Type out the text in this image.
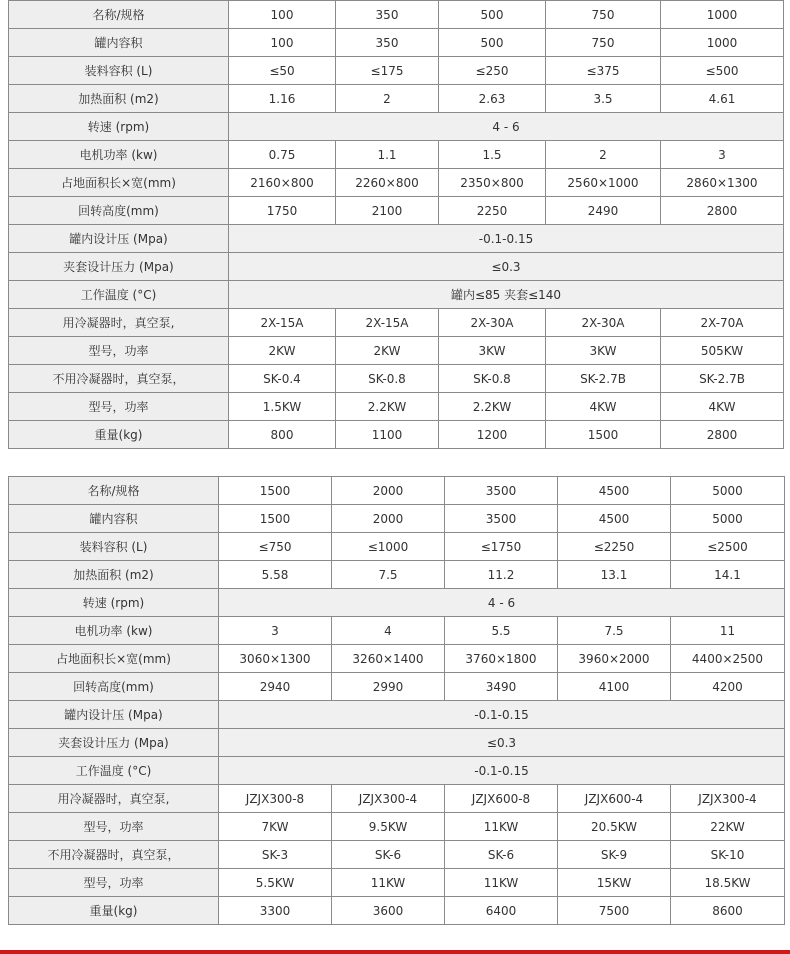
名称/规格	100	350	500	750	1000
罐内容积	100	350	500	750	1000
装料容积 (L)	≤50	≤175	≤250	≤375	≤500
加热面积 (m2)	1.16	2	2.63	3.5	4.61
转速 (rpm)	4 - 6				
电机功率 (kw)	0.75	1.1	1.5	2	3
占地面积长×宽(mm)	2160×800	2260×800	2350×800	2560×1000	2860×1300
回转高度(mm)	1750	2100	2250	2490	2800
罐内设计压 (Mpa)	-0.1-0.15				
夹套设计压力 (Mpa)	≤0.3				
工作温度 (°C)	罐内≤85 夹套≤140				
用冷凝器时，真空泵,	2X-15A	2X-15A	2X-30A	2X-30A	2X-70A
型号，功率	2KW	2KW	3KW	3KW	505KW
不用冷凝器时，真空泵，	SK-0.4	SK-0.8	SK-0.8	SK-2.7B	SK-2.7B
型号，功率	1.5KW	2.2KW	2.2KW	4KW	4KW
重量(kg)	800	1100	1200	1500	2800
名称/规格	1500	2000	3500	4500	5000
罐内容积	1500	2000	3500	4500	5000
装料容积 (L)	≤750	≤1000	≤1750	≤2250	≤2500
加热面积 (m2)	5.58	7.5	11.2	13.1	14.1
转速 (rpm)	4 - 6				
电机功率 (kw)	3	4	5.5	7.5	11
占地面积长×宽(mm)	3060×1300	3260×1400	3760×1800	3960×2000	4400×2500
回转高度(mm)	2940	2990	3490	4100	4200
罐内设计压 (Mpa)	-0.1-0.15				
夹套设计压力 (Mpa)	≤0.3				
工作温度 (°C)	-0.1-0.15				
用冷凝器时，真空泵,	JZJX300-8	JZJX300-4	JZJX600-8	JZJX600-4	JZJX300-4
型号，功率	7KW	9.5KW	11KW	20.5KW	22KW
不用冷凝器时，真空泵，	SK-3	SK-6	SK-6	SK-9	SK-10
型号，功率	5.5KW	11KW	11KW	15KW	18.5KW
重量(kg)	3300	3600	6400	7500	8600
